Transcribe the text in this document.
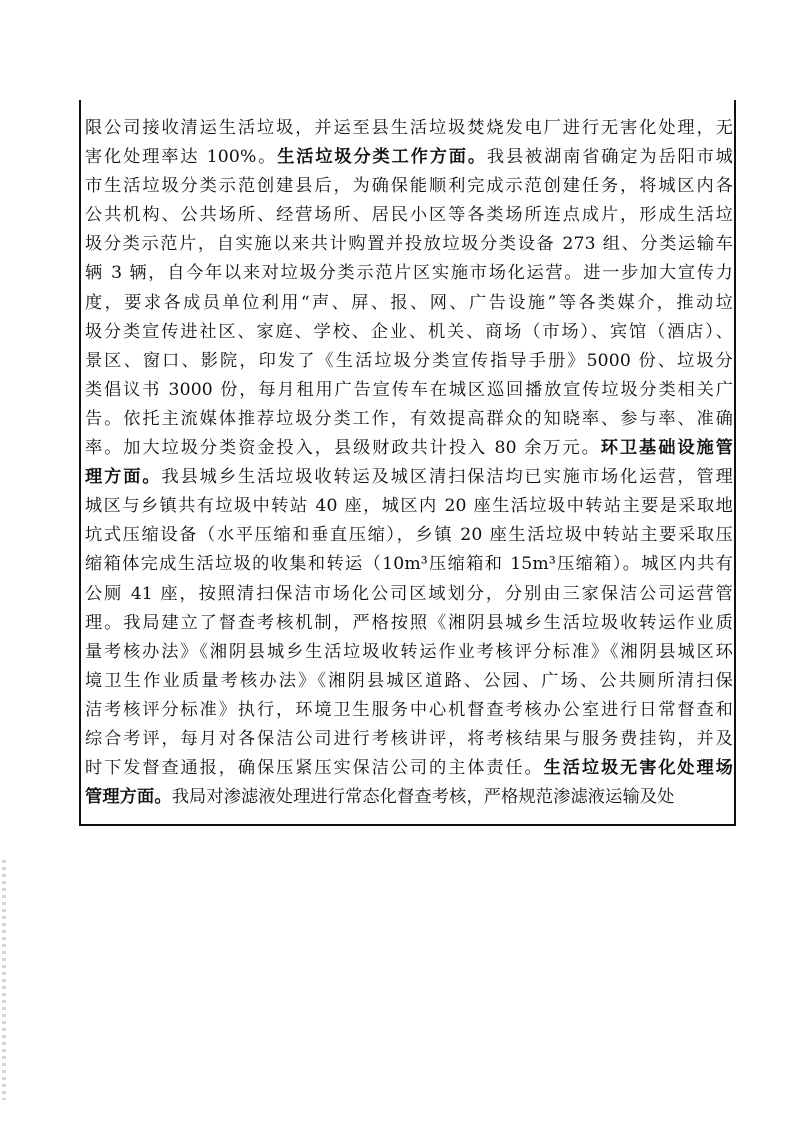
限公司接收清运生活垃圾，并运至县生活垃圾焚烧发电厂进行无害化处理，无
害化处理率达 100%。生活垃圾分类工作方面。我县被湖南省确定为岳阳市城
市生活垃圾分类示范创建县后，为确保能顺利完成示范创建任务，将城区内各
公共机构、公共场所、经营场所、居民小区等各类场所连点成片，形成生活垃
圾分类示范片，自实施以来共计购置并投放垃圾分类设备 273 组、分类运输车
辆 3 辆，自今年以来对垃圾分类示范片区实施市场化运营。进一步加大宣传力
度，要求各成员单位利用“声、屏、报、网、广告设施”等各类媒介，推动垃
圾分类宣传进社区、家庭、学校、企业、机关、商场（市场）、宾馆（酒店）、
景区、窗口、影院，印发了《生活垃圾分类宣传指导手册》5000 份、垃圾分
类倡议书 3000 份，每月租用广告宣传车在城区巡回播放宣传垃圾分类相关广
告。依托主流媒体推荐垃圾分类工作，有效提高群众的知晓率、参与率、准确
率。加大垃圾分类资金投入，县级财政共计投入 80 余万元。环卫基础设施管
理方面。我县城乡生活垃圾收转运及城区清扫保洁均已实施市场化运营，管理
城区与乡镇共有垃圾中转站 40 座，城区内 20 座生活垃圾中转站主要是采取地
坑式压缩设备（水平压缩和垂直压缩），乡镇 20 座生活垃圾中转站主要采取压
缩箱体完成生活垃圾的收集和转运（10m³压缩箱和 15m³压缩箱）。城区内共有
公厕 41 座，按照清扫保洁市场化公司区域划分，分别由三家保洁公司运营管
理。我局建立了督查考核机制，严格按照《湘阴县城乡生活垃圾收转运作业质
量考核办法》《湘阴县城乡生活垃圾收转运作业考核评分标准》《湘阴县城区环
境卫生作业质量考核办法》《湘阴县城区道路、公园、广场、公共厕所清扫保
洁考核评分标准》执行，环境卫生服务中心机督查考核办公室进行日常督查和
综合考评，每月对各保洁公司进行考核讲评，将考核结果与服务费挂钩，并及
时下发督查通报，确保压紧压实保洁公司的主体责任。生活垃圾无害化处理场
管理方面。我局对渗滤液处理进行常态化督查考核，严格规范渗滤液运输及处
